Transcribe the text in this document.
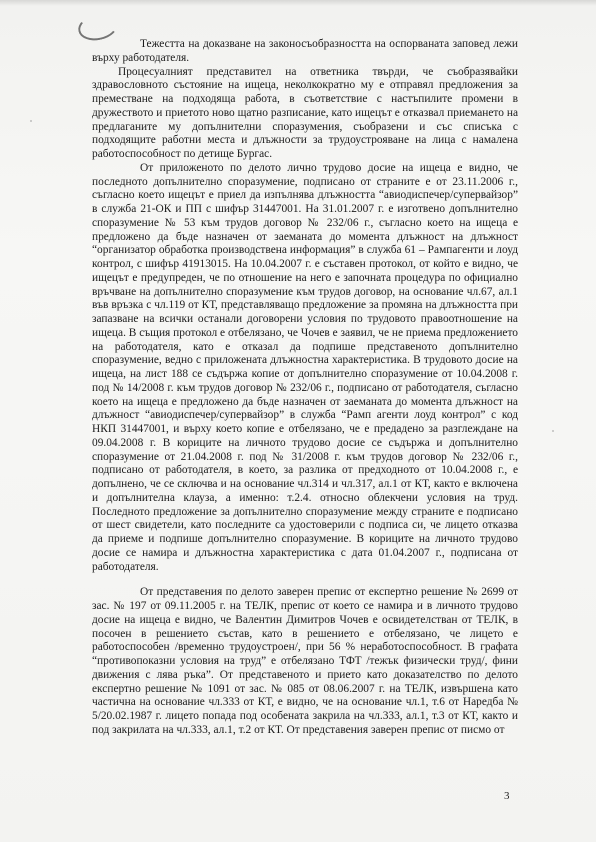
Тежестта на доказване на законосъобразността на оспорваната заповед лежи върху работодателя.

Процесуалният представител на ответника твърди, че съобразявайки здравословното състояние на ищеца, неколкократно му е отправял предложения за преместване на подходяща работа, в съответствие с настъпилите промени в дружеството и приетото ново щатно разписание, като ищецът е отказвал приемането на предлаганите му допълнителни споразумения, съобразени и със списъка с подходящите работни места и длъжности за трудоустрояване на лица с намалена работоспособност по детище Бургас.

От приложеното по делото лично трудово досие на ищеца е видно, че последното допълнително споразумение, подписано от страните е от 23.11.2006 г., съгласно което ищецът е приел да изпълнява длъжността “авиодиспечер/супервайзор” в служба 21-ОК и ПП с шифър 31447001. На 31.01.2007 г. е изготвено допълнително споразумение № 53 към трудов договор № 232/06 г., съгласно което на ищеца е предложено да бъде назначен от заеманата до момента длъжност на длъжност “организатор обработка производствена информация” в служба 61 – Рампагенти и лоуд контрол, с шифър 41913015. На 10.04.2007 г. е съставен протокол, от който е видно, че ищецът е предупреден, че по отношение на него е започната процедура по официално връчване на допълнително споразумение към трудов договор, на основание чл.67, ал.1 във връзка с чл.119 от КТ, представляващо предложение за промяна на длъжността при запазване на всички останали договорени условия по трудовото правоотношение на ищеца. В същия протокол е отбелязано, че Чочев е заявил, че не приема предложението на работодателя, като е отказал да подпише представеното допълнително споразумение, ведно с приложената длъжностна характеристика. В трудовото досие на ищеца, на лист 188 се съдържа копие от допълнително споразумение от 10.04.2008 г. под № 14/2008 г. към трудов договор № 232/06 г., подписано от работодателя, съгласно което на ищеца е предложено да бъде назначен от заеманата до момента длъжност на длъжност “авиодиспечер/супервайзор” в служба “Рамп агенти лоуд контрол” с код НКП 31447001, и върху което копие е отбелязано, че е предадено за разглеждане на 09.04.2008 г. В кориците на личното трудово досие се съдържа и допълнително споразумение от 21.04.2008 г. под № 31/2008 г. към трудов договор № 232/06 г., подписано от работодателя, в което, за разлика от предходното от 10.04.2008 г., е допълнено, че се сключва и на основание чл.314 и чл.317, ал.1 от КТ, както е включена и допълнителна клауза, а именно: т.2.4. относно облекчени условия на труд. Последното предложение за допълнително споразумение между страните е подписано от шест свидетели, като последните са удостоверили с подписа си, че лицето отказва да приеме и подпише допълнително споразумение. В кориците на личното трудово досие се намира и длъжностна характеристика с дата 01.04.2007 г., подписана от работодателя.

От представения по делото заверен препис от експертно решение № 2699 от зас. № 197 от 09.11.2005 г. на ТЕЛК, препис от което се намира и в личното трудово досие на ищеца е видно, че Валентин Димитров Чочев е освидетелстван от ТЕЛК, в посочен в решението състав, като в решението е отбелязано, че лицето е работоспособен /временно трудоустроен/, при 56 % неработоспособност. В графата “противопоказни условия на труд” е отбелязано ТФТ /тежък физически труд/, фини движения с лява ръка”. От представеното и прието като доказателство по делото експертно решение № 1091 от зас. № 085 от 08.06.2007 г. на ТЕЛК, извършена като частична на основание чл.333 от КТ, е видно, че на основание чл.1, т.6 от Наредба № 5/20.02.1987 г. лицето попада под особената закрила на чл.333, ал.1, т.3 от КТ, както и под закрилата на чл.333, ал.1, т.2 от КТ. От представения заверен препис от писмо от

3
